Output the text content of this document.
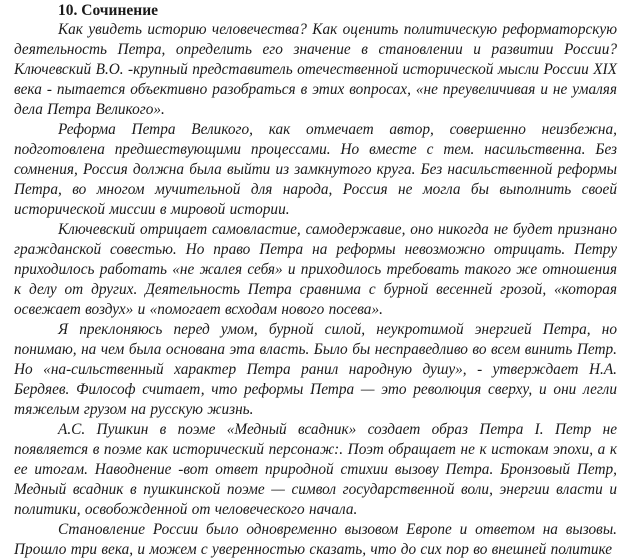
10. Сочинение

Как увидеть историю человечества? Как оценить политическую реформаторскую деятельность Петра, определить его значение в становлении и развитии России? Ключевский В.О. -крупный представитель отечественной исторической мысли России XIX века - пытается объективно разобраться в этих вопросах, «не преувеличивая и не умаляя дела Петра Великого».

Реформа Петра Великого, как отмечает автор, совершенно неизбежна, подготовлена предшествующими процессами. Но вместе с тем. насильственна. Без сомнения, Россия должна была выйти из замкнутого круга. Без насильственной реформы Петра, во многом мучительной для народа, Россия не могла бы выполнить своей исторической миссии в мировой истории.

Ключевский отрицает самовластие, самодержавие, оно никогда не будет признано гражданской совестью. Но право Петра на реформы невозможно отрицать. Петру приходилось работать «не жалея себя» и приходилось требовать такого же отношения к делу от других. Деятельность Петра сравнима с бурной весенней грозой, «которая освежает воздух» и «помогает всходам нового посева».

Я преклоняюсь перед умом, бурной силой, неукротимой энергией Петра, но понимаю, на чем была основана эта власть. Было бы несправедливо во всем винить Петр. Но «на-сильственный характер Петра ранил народную душу», - утверждает Н.А. Бердяев. Философ считает, что реформы Петра — это революция сверху, и они легли тяжелым грузом на русскую жизнь.

А.С. Пушкин в поэме «Медный всадник» создает образ Петра I. Петр не появляется в поэме как исторический персонаж:. Поэт обращает не к истокам эпохи, а к ее итогам. Наводнение -вот ответ природной стихии вызову Петра. Бронзовый Петр, Медный всадник в пушкинской поэме — символ государственной воли, энергии власти и политики, освобожденной от человеческого начала.

Становление России было одновременно вызовом Европе и ответом на вызовы. Прошло три века, и можем с уверенностью сказать, что до сих пор во внешней политике
